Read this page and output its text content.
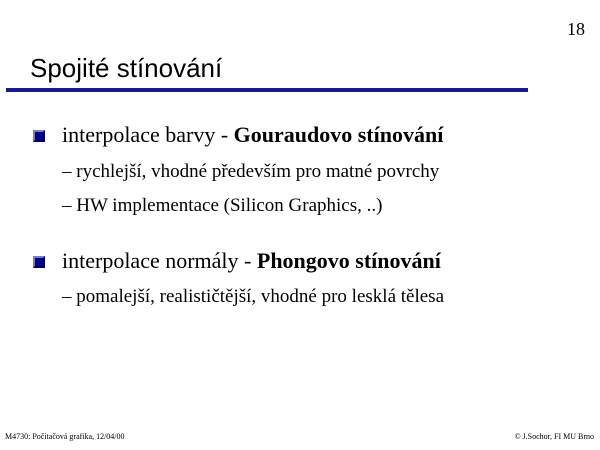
18
Spojité stínování
interpolace barvy - Gouraudovo stínování
– rychlejší, vhodné především pro matné povrchy
– HW implementace (Silicon Graphics, ..)
interpolace normály - Phongovo stínování
– pomalejší, realističtější, vhodné pro lesklá tělesa
M4730: Počítačová grafika, 12/04/00	© J.Sochor, FI MU Brno
